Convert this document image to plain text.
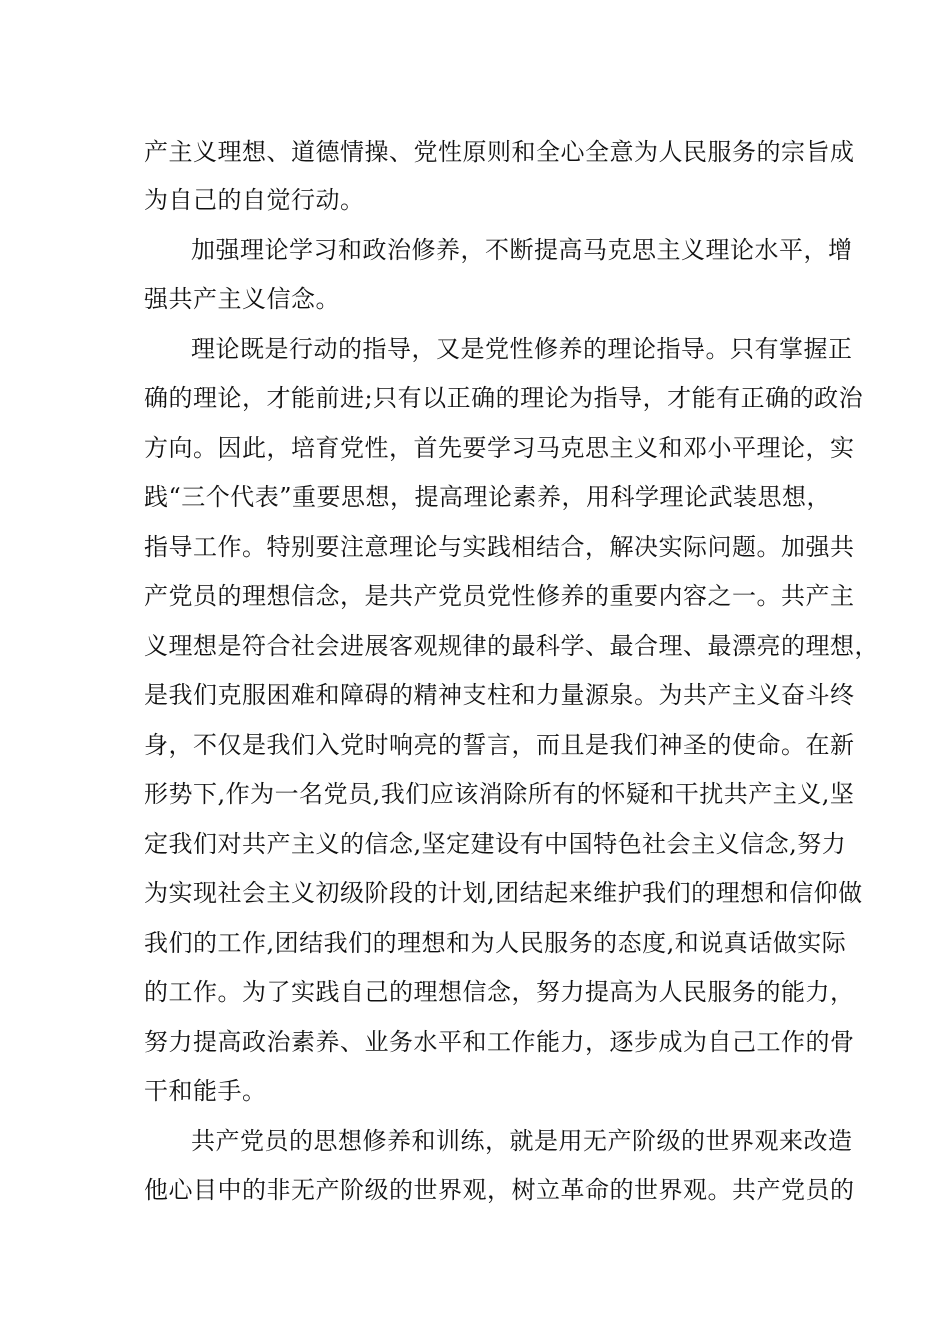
产主义理想、道德情操、党性原则和全心全意为人民服务的宗旨成
为自己的自觉行动。
加强理论学习和政治修养，不断提高马克思主义理论水平，增
强共产主义信念。
理论既是行动的指导，又是党性修养的理论指导。只有掌握正
确的理论，才能前进;只有以正确的理论为指导，才能有正确的政治
方向。因此，培育党性，首先要学习马克思主义和邓小平理论，实
践“三个代表”重要思想，提高理论素养，用科学理论武装思想，
指导工作。特别要注意理论与实践相结合，解决实际问题。加强共
产党员的理想信念，是共产党员党性修养的重要内容之一。共产主
义理想是符合社会进展客观规律的最科学、最合理、最漂亮的理想，
是我们克服困难和障碍的精神支柱和力量源泉。为共产主义奋斗终
身，不仅是我们入党时响亮的誓言，而且是我们神圣的使命。在新
形势下,作为一名党员,我们应该消除所有的怀疑和干扰共产主义,坚
定我们对共产主义的信念,坚定建设有中国特色社会主义信念,努力
为实现社会主义初级阶段的计划,团结起来维护我们的理想和信仰做
我们的工作,团结我们的理想和为人民服务的态度,和说真话做实际
的工作。为了实践自己的理想信念，努力提高为人民服务的能力，
努力提高政治素养、业务水平和工作能力，逐步成为自己工作的骨
干和能手。
共产党员的思想修养和训练，就是用无产阶级的世界观来改造
他心目中的非无产阶级的世界观，树立革命的世界观。共产党员的
